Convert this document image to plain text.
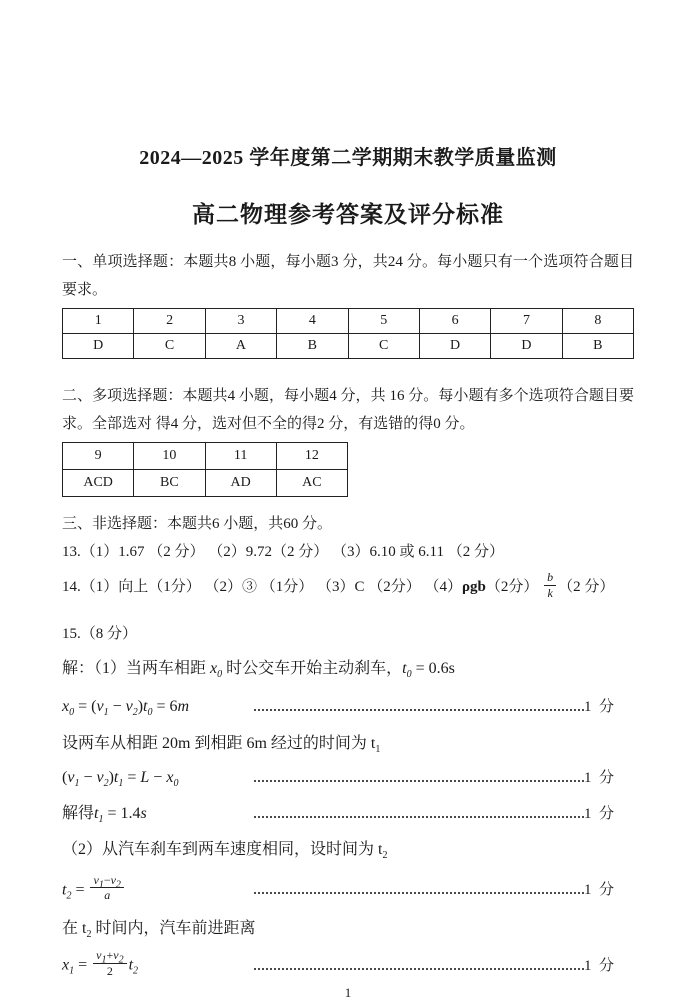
2024—2025 学年度第二学期期末教学质量监测
高二物理参考答案及评分标准
一、单项选择题：本题共8 小题，每小题3 分，共24 分。每小题只有一个选项符合题目要求。
1	2	3	4	5	6	7	8
D	C	A	B	C	D	D	B
二、多项选择题：本题共4 小题，每小题4 分，共 16 分。每小题有多个选项符合题目要求。全部选对 得4 分，选对但不全的得2 分，有选错的得0 分。
9	10	11	12
ACD	BC	AD	AC
三、非选择题：本题共6 小题，共60 分。
13.（1）1.67 （2 分） （2）9.72（2 分） （3）6.10 或 6.11 （2 分）
14.（1）向上（1分） （2）③ （1分） （3）C （2分） （4）ρgb（2分） $\frac{b}{k} (2$ 分）
15.（8 分）
解：（1）当两车相距 $x_0$ 时公交车开始主动刹车，$t_0 = 0.6s$
$x_0 = (v_1 - v_2)t_0 = 6m$	1  分
设两车从相距 20m 到相距 6m 经过的时间为 $t_1$
$(v_1 - v_2)t_1 = L - x_0$	1  分
解得$t_1 = 1.4s$	1  分
（2）从汽车刹车到两车速度相同，设时间为 $t_2$
$t_2 = \frac{v_1-v_2}{a}$	1  分
在 $t_2$ 时间内，汽车前进距离
$x_1 = \frac{v_1+v_2}{2} t_2$	1  分
1
